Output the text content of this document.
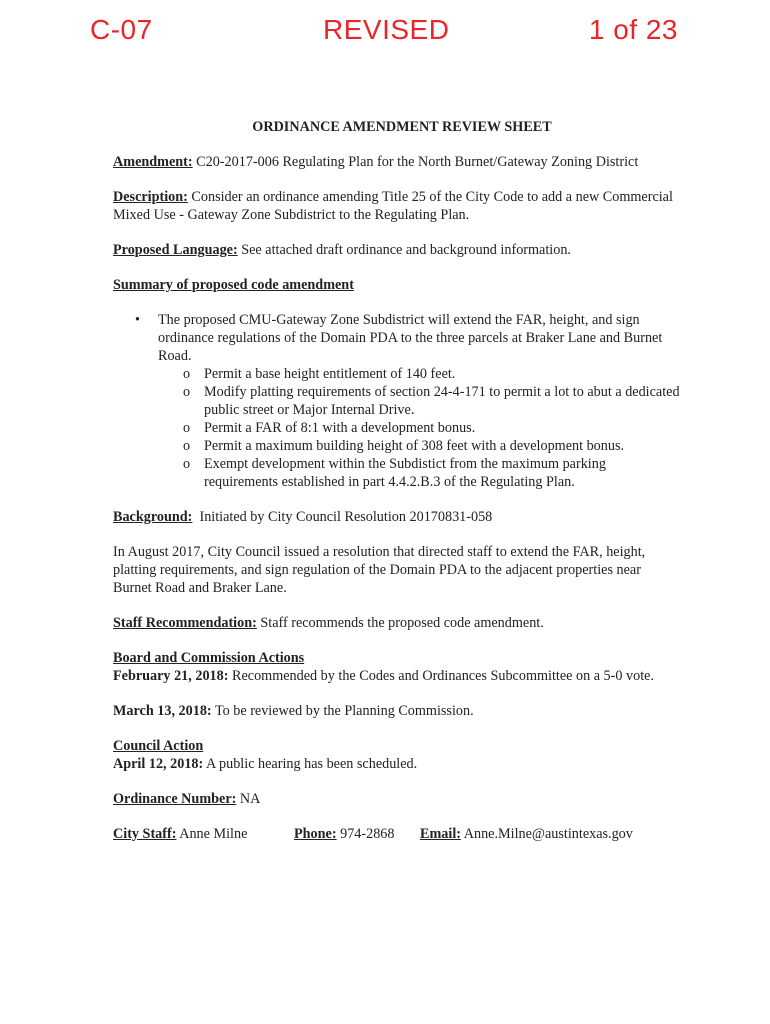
C-07	REVISED	1 of 23
ORDINANCE AMENDMENT REVIEW SHEET
Amendment: C20-2017-006 Regulating Plan for the North Burnet/Gateway Zoning District
Description: Consider an ordinance amending Title 25 of the City Code to add a new Commercial Mixed Use - Gateway Zone Subdistrict to the Regulating Plan.
Proposed Language: See attached draft ordinance and background information.
Summary of proposed code amendment
• The proposed CMU-Gateway Zone Subdistrict will extend the FAR, height, and sign ordinance regulations of the Domain PDA to the three parcels at Braker Lane and Burnet Road.
o Permit a base height entitlement of 140 feet.
o Modify platting requirements of section 24-4-171 to permit a lot to abut a dedicated public street or Major Internal Drive.
o Permit a FAR of 8:1 with a development bonus.
o Permit a maximum building height of 308 feet with a development bonus.
o Exempt development within the Subdistict from the maximum parking requirements established in part 4.4.2.B.3 of the Regulating Plan.
Background: Initiated by City Council Resolution 20170831-058
In August 2017, City Council issued a resolution that directed staff to extend the FAR, height, platting requirements, and sign regulation of the Domain PDA to the adjacent properties near Burnet Road and Braker Lane.
Staff Recommendation: Staff recommends the proposed code amendment.
Board and Commission Actions
February 21, 2018: Recommended by the Codes and Ordinances Subcommittee on a 5-0 vote.
March 13, 2018: To be reviewed by the Planning Commission.
Council Action
April 12, 2018: A public hearing has been scheduled.
Ordinance Number: NA
City Staff: Anne Milne	Phone: 974-2868	Email: Anne.Milne@austintexas.gov
